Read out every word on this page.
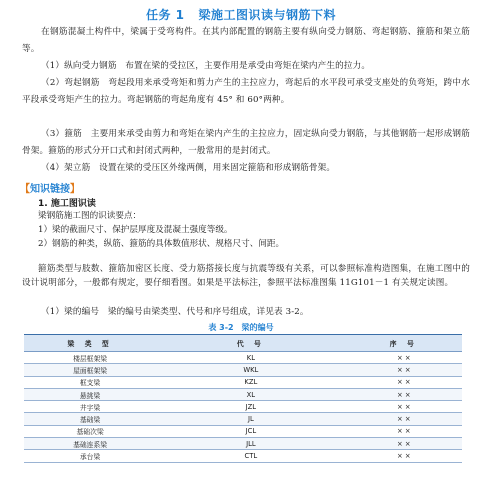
任务 1 梁施工图识读与钢筋下料

在钢筋混凝土构件中，梁属于受弯构件。在其内部配置的钢筋主要有纵向受力钢筋、弯起钢筋、箍筋和架立筋等。

（1）纵向受力钢筋　布置在梁的受拉区，主要作用是承受由弯矩在梁内产生的拉力。

（2）弯起钢筋　弯起段用来承受弯矩和剪力产生的主拉应力，弯起后的水平段可承受支座处的负弯矩，跨中水平段承受弯矩产生的拉力。弯起钢筋的弯起角度有 45° 和 60°两种。

（3）箍筋　主要用来承受由剪力和弯矩在梁内产生的主拉应力，固定纵向受力钢筋，与其他钢筋一起形成钢筋骨架。箍筋的形式分开口式和封闭式两种，一般常用的是封闭式。

（4）架立筋　设置在梁的受压区外缘两侧，用来固定箍筋和形成钢筋骨架。

【知识链接】
1. 施工图识读
梁钢筋施工图的识读要点：
1）梁的截面尺寸、保护层厚度及混凝土强度等级。
2）钢筋的种类，纵筋、箍筋的具体数值形状、规格尺寸、间距。

箍筋类型与肢数、箍筋加密区长度、受力筋搭接长度与抗震等级有关系，可以参照标准构造图集，在施工图中的设计说明部分，一般都有规定，要仔细看图。如果是平法标注，参照平法标准图集 11G101－1 有关规定读图。

表 3-2　梁的编号
梁 类 型	代 号	序 号
楼层框架梁	KL	× ×
屋面框架梁	WKL	× ×
框支梁	KZL	× ×
悬挑梁	XL	× ×
井字梁	JZL	× ×
基础梁	JL	× ×
基础次梁	JCL	× ×
基础连系梁	JLL	× ×
承台梁	CTL	× ×

（1）梁的编号　梁的编号由梁类型、代号和序号组成，详见表 3-2。
